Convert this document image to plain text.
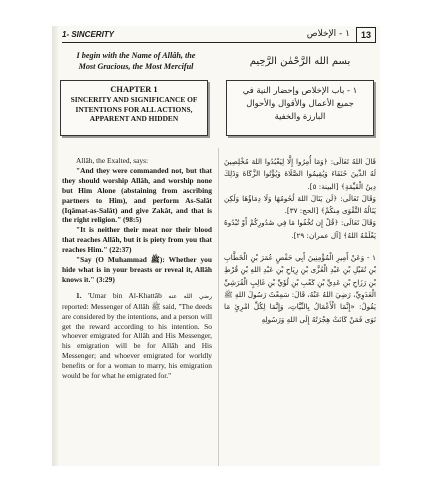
1- SINCERITY	١ - الإخلاص	13
I begin with the Name of Allâh, the
Most Gracious, the Most Merciful	بسم الله الرَّحْمٰن الرَّحِيم
CHAPTER 1
SINCERITY AND SIGNIFICANCE OF
INTENTIONS FOR ALL ACTIONS,
APPARENT AND HIDDEN
١ - باب الإخلاص وإحضار النية في
جميع الأعمال والأقوال والأحوال
البارزة والخفية

Allâh, the Exalted, says:

"And they were commanded not, but that they should worship Allâh, and worship none but Him Alone (abstaining from ascribing partners to Him), and perform As-Salât (Iqâmat-as-Salât) and give Zakât, and that is the right religion." (98:5)

"It is neither their meat nor their blood that reaches Allâh, but it is piety from you that reaches Him." (22:37)

"Say (O Muhammad ﷺ): Whether you hide what is in your breasts or reveal it, Allâh knows it." (3:29)

1. 'Umar bin Al-Khattâb رضي الله عنه reported: Messenger of Allâh ﷺ said, "The deeds are considered by the intentions, and a person will get the reward according to his intention. So whoever emigrated for Allâh and His Messenger, his emigration will be for Allâh and His Messenger; and whoever emigrated for worldly benefits or for a woman to marry, his emigration would be for what he emigrated for."

قَالَ اللهُ تَعَالَى: ﴿وَمَا أُمِرُوا إِلَّا لِيَعْبُدُوا اللهَ مُخْلِصِينَ لَهُ الدِّينَ حُنَفَاءَ وَيُقِيمُوا الصَّلَاةَ وَيُؤْتُوا الزَّكَاةَ وَذَلِكَ دِينُ الْقَيِّمَةِ﴾ [البينة: ٥].

وَقَالَ تَعَالَى: ﴿لَن يَنَالَ اللهَ لُحُومُهَا وَلَا دِمَاؤُهَا وَلَكِن يَنَالُهُ التَّقْوَى مِنكُمْ﴾ [الحج: ٣٧].

وَقَالَ تَعَالَى: ﴿قُلْ إِن تُخْفُوا مَا فِي صُدُورِكُمْ أَوْ تُبْدُوهُ يَعْلَمْهُ اللهُ﴾ [آل عمران: ٢٩].

١ - وَعَنْ أَمِيرِ الْمُؤْمِنِينَ أَبِي حَفْصٍ عُمَرَ بْنِ الْخَطَّابِ بْنِ نُفَيْلِ بْنِ عَبْدِ الْعُزَّى بْنِ رِيَاحِ بْنِ عَبْدِ اللهِ بْنِ قُرْطِ بْنِ رَزَاحِ بْنِ عَدِيِّ بْنِ كَعْبِ بْنِ لُؤَيِّ بْنِ غَالِبٍ الْقُرَشِيِّ الْعَدَوِيِّ، رَضِيَ اللهُ عَنْهُ، قَالَ: سَمِعْتُ رَسُولَ اللهِ ﷺ يَقُولُ: «إِنَّمَا الْأَعْمَالُ بِالنِّيَّاتِ، وَإِنَّمَا لِكُلِّ امْرِئٍ مَا نَوَى فَمَنْ كَانَتْ هِجْرَتُهُ إِلَى اللهِ وَرَسُولِهِ
